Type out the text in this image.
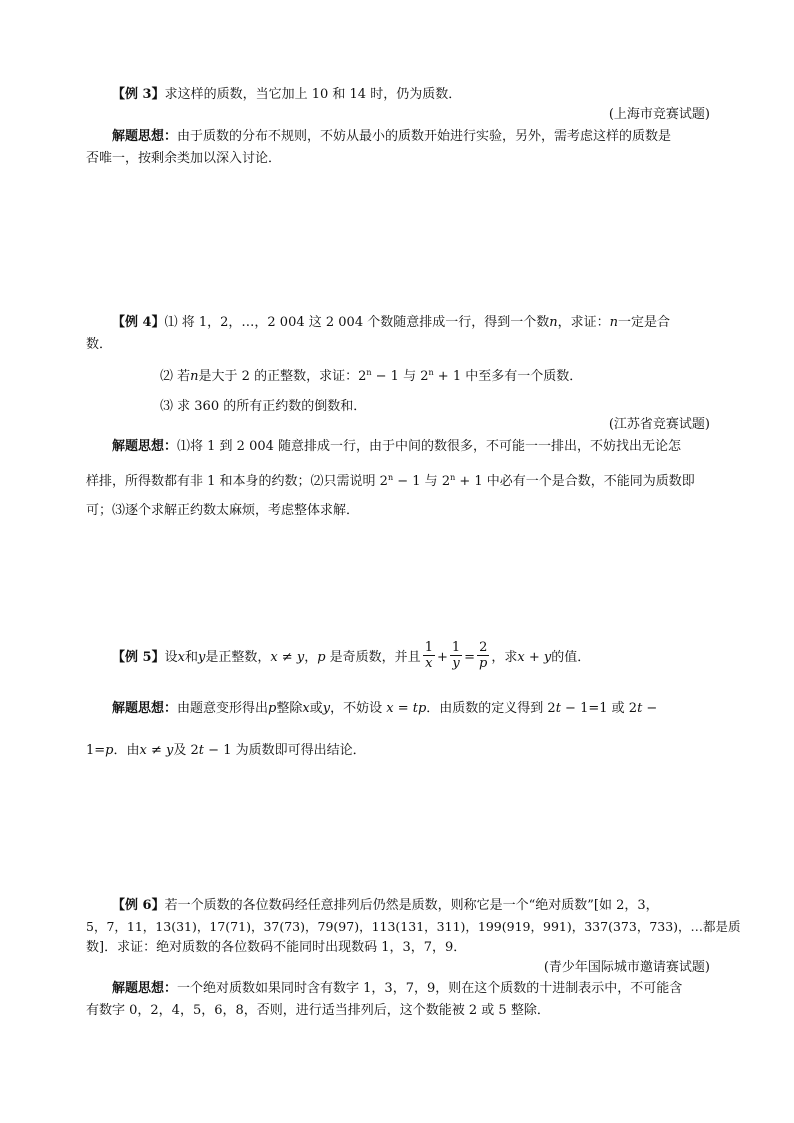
【例 3】求这样的质数，当它加上 10 和 14 时，仍为质数．
(上海市竞赛试题)
解题思想：由于质数的分布不规则，不妨从最小的质数开始进行实验，另外，需考虑这样的质数是
否唯一，按剩余类加以深入讨论．
【例 4】⑴ 将 1，2，…，2 004 这 2 004 个数随意排成一行，得到一个数n，求证：n一定是合
数．
⑵ 若n是大于 2 的正整数，求证：$2^n - 1$ 与 $2^n + 1$ 中至多有一个质数．
⑶ 求 360 的所有正约数的倒数和．
(江苏省竞赛试题)
解题思想：⑴将 1 到 2 004 随意排成一行，由于中间的数很多，不可能一一排出，不妨找出无论怎
样排，所得数都有非 1 和本身的约数；⑵只需说明 $2^n - 1$ 与 $2^n + 1$ 中必有一个是合数，不能同为质数即
可；⑶逐个求解正约数太麻烦，考虑整体求解．
【例 5】设x和y是正整数，x ≠ y，p 是奇质数，并且 $\frac{1}{x} + \frac{1}{y} = \frac{2}{p}$ ，求x + y的值．
解题思想：由题意变形得出p整除x或y，不妨设 x = tp．由质数的定义得到 2t − 1=1 或 2t −
1=p．由x ≠ y及 2t − 1 为质数即可得出结论．
【例 6】若一个质数的各位数码经任意排列后仍然是质数，则称它是一个“绝对质数”[如 2，3，
5，7，11，13(31)，17(71)，37(73)，79(97)，113(131，311)，199(919，991)，337(373，733)，…都是质
数]．求证：绝对质数的各位数码不能同时出现数码 1，3，7，9．
(青少年国际城市邀请赛试题)
解题思想：一个绝对质数如果同时含有数字 1，3，7，9，则在这个质数的十进制表示中，不可能含
有数字 0，2，4，5，6，8，否则，进行适当排列后，这个数能被 2 或 5 整除．
